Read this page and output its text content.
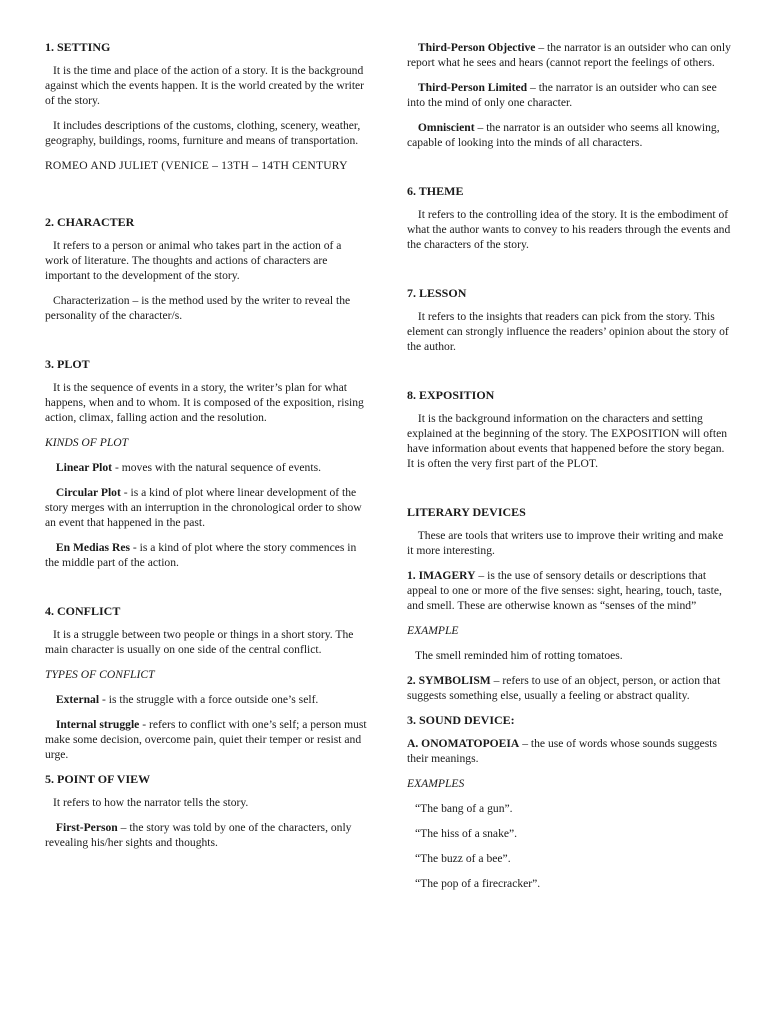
1. SETTING
It is the time and place of the action of a story. It is the background against which the events happen. It is the world created by the writer of the story.
It includes descriptions of the customs, clothing, scenery, weather, geography, buildings, rooms, furniture and means of transportation.
ROMEO AND JULIET (VENICE – 13TH – 14TH CENTURY
2. CHARACTER
It refers to a person or animal who takes part in the action of a work of literature. The thoughts and actions of characters are important to the development of the story.
Characterization – is the method used by the writer to reveal the personality of the character/s.
3. PLOT
It is the sequence of events in a story, the writer’s plan for what happens, when and to whom. It is composed of the exposition, rising action, climax, falling action and the resolution.
KINDS OF PLOT
Linear Plot - moves with the natural sequence of events.
Circular Plot - is a kind of plot where linear development of the story merges with an interruption in the chronological order to show an event that happened in the past.
En Medias Res - is a kind of plot where the story commences in the middle part of the action.
4. CONFLICT
It is a struggle between two people or things in a short story. The main character is usually on one side of the central conflict.
TYPES OF CONFLICT
External - is the struggle with a force outside one’s self.
Internal struggle - refers to conflict with one’s self; a person must make some decision, overcome pain, quiet their temper or resist and urge.
5. POINT OF VIEW
It refers to how the narrator tells the story.
First-Person – the story was told by one of the characters, only revealing his/her sights and thoughts.
Third-Person Objective – the narrator is an outsider who can only report what he sees and hears (cannot report the feelings of others.
Third-Person Limited – the narrator is an outsider who can see into the mind of only one character.
Omniscient – the narrator is an outsider who seems all knowing, capable of looking into the minds of all characters.
6. THEME
It refers to the controlling idea of the story. It is the embodiment of what the author wants to convey to his readers through the events and the characters of the story.
7. LESSON
It refers to the insights that readers can pick from the story. This element can strongly influence the readers’ opinion about the story of the author.
8. EXPOSITION
It is the background information on the characters and setting explained at the beginning of the story. The EXPOSITION will often have information about events that happened before the story began. It is often the very first part of the PLOT.
LITERARY DEVICES
These are tools that writers use to improve their writing and make it more interesting.
1. IMAGERY – is the use of sensory details or descriptions that appeal to one or more of the five senses: sight, hearing, touch, taste, and smell. These are otherwise known as “senses of the mind”
EXAMPLE
The smell reminded him of rotting tomatoes.
2. SYMBOLISM – refers to use of an object, person, or action that suggests something else, usually a feeling or abstract quality.
3. SOUND DEVICE:
A. ONOMATOPOEIA – the use of words whose sounds suggests their meanings.
EXAMPLES
“The bang of a gun”.
“The hiss of a snake”.
“The buzz of a bee”.
“The pop of a firecracker”.
